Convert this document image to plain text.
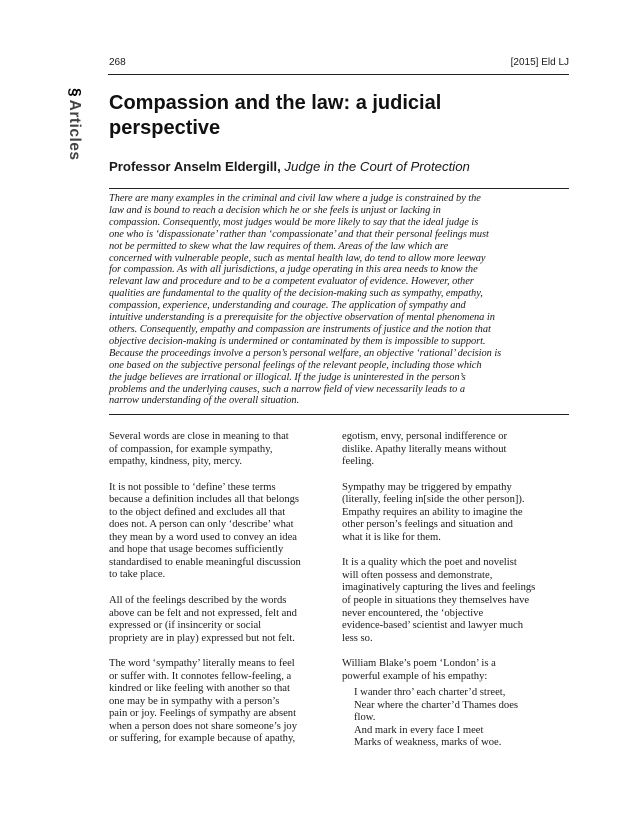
268	[2015] Eld LJ
§Articles Compassion and the law: a judicial perspective
Professor Anselm Eldergill, Judge in the Court of Protection

There are many examples in the criminal and civil law where a judge is constrained by the
law and is bound to reach a decision which he or she feels is unjust or lacking in
compassion. Consequently, most judges would be more likely to say that the ideal judge is
one who is ‘dispassionate’ rather than ‘compassionate’ and that their personal feelings must
not be permitted to skew what the law requires of them. Areas of the law which are
concerned with vulnerable people, such as mental health law, do tend to allow more leeway
for compassion. As with all jurisdictions, a judge operating in this area needs to know the
relevant law and procedure and to be a competent evaluator of evidence. However, other
qualities are fundamental to the quality of the decision-making such as sympathy, empathy,
compassion, experience, understanding and courage. The application of sympathy and
intuitive understanding is a prerequisite for the objective observation of mental phenomena in
others. Consequently, empathy and compassion are instruments of justice and the notion that
objective decision-making is undermined or contaminated by them is impossible to support.
Because the proceedings involve a person’s personal welfare, an objective ‘rational’ decision is
one based on the subjective personal feelings of the relevant people, including those which
the judge believes are irrational or illogical. If the judge is uninterested in the person’s
problems and the underlying causes, such a narrow field of view necessarily leads to a
narrow understanding of the overall situation.

Several words are close in meaning to that
of compassion, for example sympathy,
empathy, kindness, pity, mercy.

It is not possible to ‘define’ these terms
because a definition includes all that belongs
to the object defined and excludes all that
does not. A person can only ‘describe’ what
they mean by a word used to convey an idea
and hope that usage becomes sufficiently
standardised to enable meaningful discussion
to take place.

All of the feelings described by the words
above can be felt and not expressed, felt and
expressed or (if insincerity or social
propriety are in play) expressed but not felt.

The word ‘sympathy’ literally means to feel
or suffer with. It connotes fellow-feeling, a
kindred or like feeling with another so that
one may be in sympathy with a person’s
pain or joy. Feelings of sympathy are absent
when a person does not share someone’s joy
or suffering, for example because of apathy,

egotism, envy, personal indifference or
dislike. Apathy literally means without
feeling.

Sympathy may be triggered by empathy
(literally, feeling in[side the other person]).
Empathy requires an ability to imagine the
other person’s feelings and situation and
what it is like for them.

It is a quality which the poet and novelist
will often possess and demonstrate,
imaginatively capturing the lives and feelings
of people in situations they themselves have
never encountered, the ‘objective
evidence-based’ scientist and lawyer much
less so.

William Blake’s poem ‘London’ is a
powerful example of his empathy:

I wander thro’ each charter’d street,
Near where the charter’d Thames does
flow.
And mark in every face I meet
Marks of weakness, marks of woe.
